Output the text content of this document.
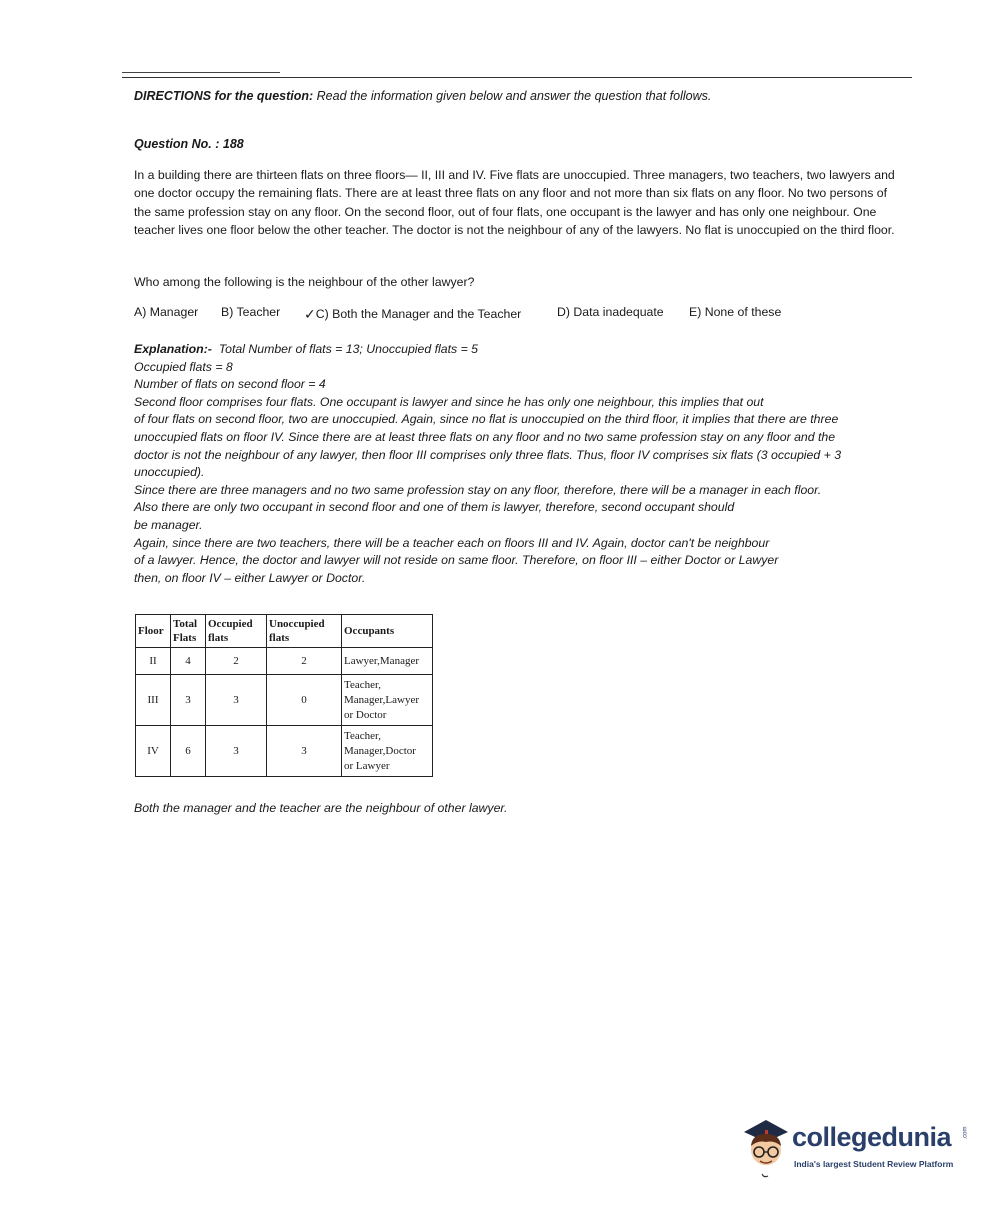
DIRECTIONS for the question: Read the information given below and answer the question that follows.
Question No. : 188
In a building there are thirteen flats on three floors— II, III and IV. Five flats are unoccupied. Three managers, two teachers, two lawyers and one doctor occupy the remaining flats. There are at least three flats on any floor and not more than six flats on any floor. No two persons of the same profession stay on any floor. On the second floor, out of four flats, one occupant is the lawyer and has only one neighbour. One teacher lives one floor below the other teacher. The doctor is not the neighbour of any of the lawyers. No flat is unoccupied on the third floor.
Who among the following is the neighbour of the other lawyer?
A) Manager B) Teacher ✓C) Both the Manager and the Teacher	D) Data inadequate E) None of these
Explanation:- Total Number of flats = 13; Unoccupied flats = 5
Occupied flats = 8
Number of flats on second floor = 4
Second floor comprises four flats. One occupant is lawyer and since he has only one neighbour, this implies that out
of four flats on second floor, two are unoccupied. Again, since no flat is unoccupied on the third floor, it implies that there are three
unoccupied flats on floor IV. Since there are at least three flats on any floor and no two same profession stay on any floor and the
doctor is not the neighbour of any lawyer, then floor III comprises only three flats. Thus, floor IV comprises six flats (3 occupied + 3
unoccupied).
Since there are three managers and no two same profession stay on any floor, therefore, there will be a manager in each floor.
Also there are only two occupant in second floor and one of them is lawyer, therefore, second occupant should
be manager.
Again, since there are two teachers, there will be a teacher each on floors III and IV. Again, doctor can't be neighbour
of a lawyer. Hence, the doctor and lawyer will not reside on same floor. Therefore, on floor III – either Doctor or Lawyer
then, on floor IV – either Lawyer or Doctor.
Floor	Total Flats	Occupied flats	Unoccupied flats	Occupants
II	4	2	2	Lawyer,Manager
III	3	3	0	Teacher,
Manager,Lawyer
or Doctor

IV	6	3	3	Teacher,
Manager,Doctor
or Lawyer
Both the manager and the teacher are the neighbour of other lawyer.
collegedunia .com
India's largest Student Review Platform
